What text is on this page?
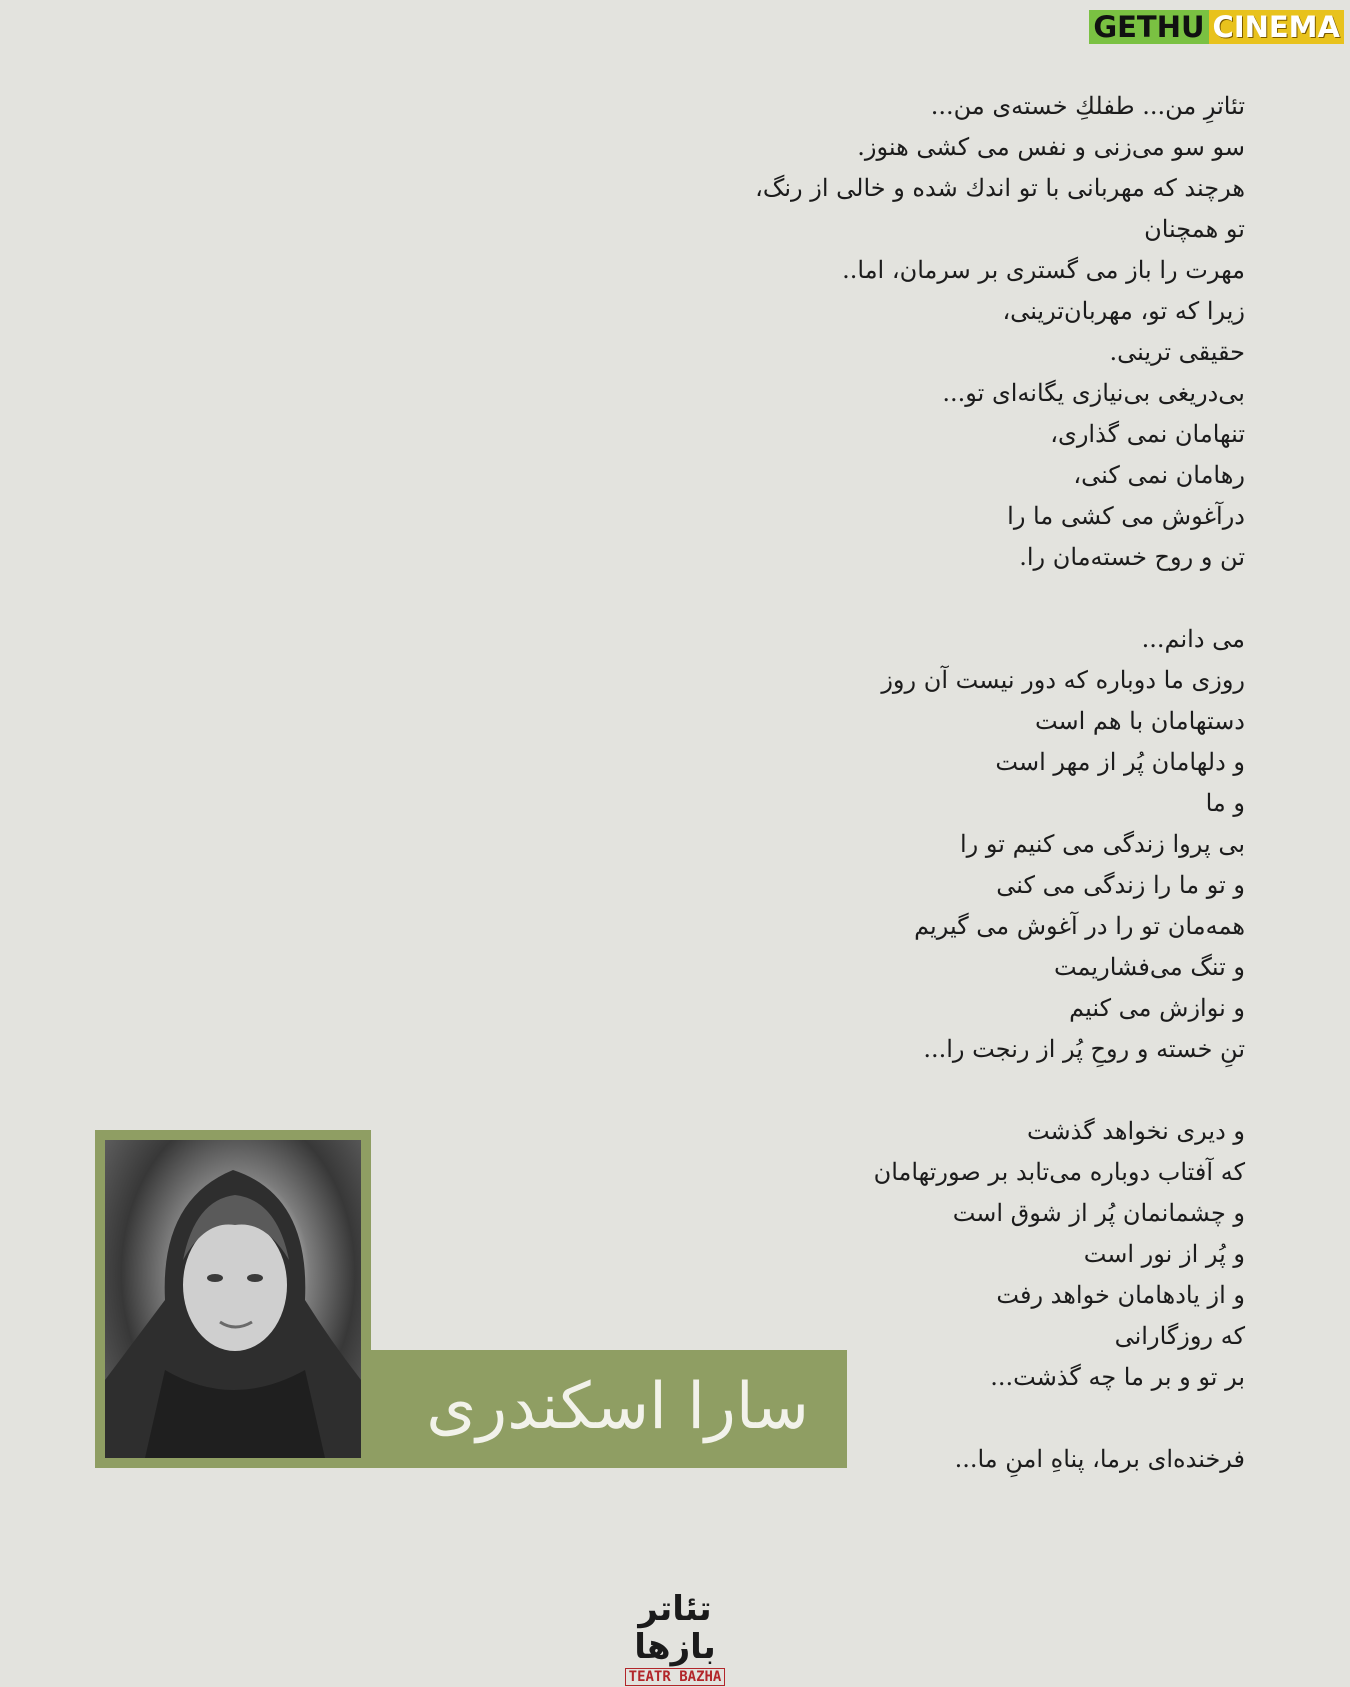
GETHU CINEMA
تئاترِ من... طفلكِ خسته‌ی من...
سو سو می‌زنی و نفس می کشی هنوز.
هرچند که مهربانی با تو اندك شده و خالی از رنگ،
تو همچنان
مهرت را باز می گستری بر سرمان، اما..
زیرا که تو، مهربان‌ترینی،
حقیقی ترینی.
بی‌دریغی بی‌نیازی یگانه‌ای تو...
تنهامان نمی گذاری،
رهامان نمی کنی،
درآغوش می کشی ما را
تن و روح خسته‌مان را.
می دانم...
روزی ما دوباره که دور نیست آن روز
دستهامان با هم است
و دلهامان پُر از مهر است
و ما
بی پروا زندگی می کنیم تو را
و تو ما را زندگی می کنی
همه‌مان تو را در آغوش می گیریم
و تنگ می‌فشاریمت
و نوازش می کنیم
تنِ خسته و روحِ پُر از رنجت را...
و دیری نخواهد گذشت
که آفتاب دوباره می‌تابد بر صورتهامان
و چشمانمان پُر از شوق است
و پُر از نور است
و از یادهامان خواهد رفت
که روزگارانی
بر تو و بر ما چه گذشت...
فرخنده‌ای برما، پناهِ امنِ ما...
سارا اسکندری
تئاتر بازها
TEATR BAZHA
